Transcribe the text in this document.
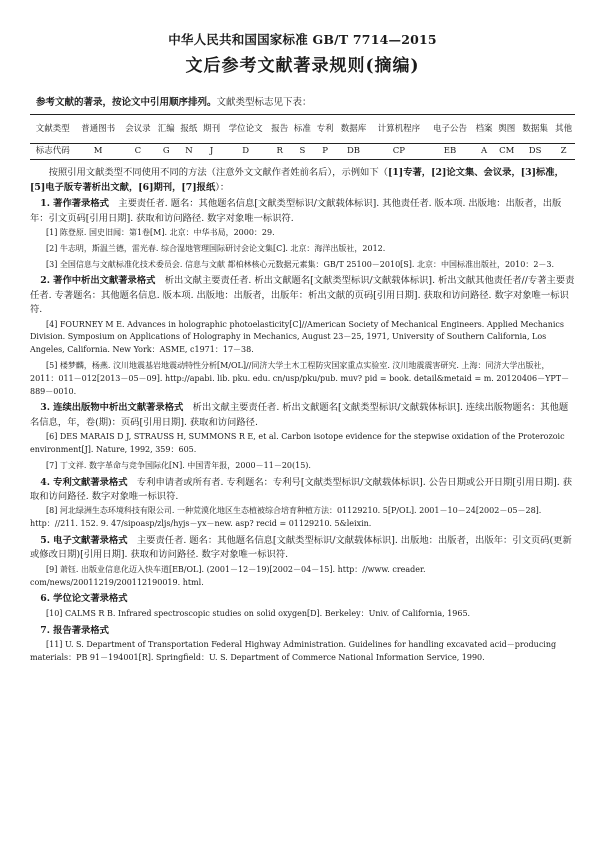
中华人民共和国国家标准 GB/T 7714—2015

文后参考文献著录规则(摘编)

参考文献的著录，按论文中引用顺序排列。文献类型标志见下表：

文献类型	普通图书	会议录	汇编	报纸	期刊	学位论文	报告	标准	专利	数据库	计算机程序	电子公告	档案	舆图	数据集	其他
标志代码	M	C	G	N	J	D	R	S	P	DB	CP	EB	A	CM	DS	Z

按照引用文献类型不同使用不同的方法（注意外文文献作者姓前名后），示例如下（[1]专著，[2]论文集、会议录，[3]标准，[5]电子版专著析出文献，[6]期刊，[7]报纸）：

1. 著作著录格式　 主要责任者. 题名：其他题名信息[文献类型标识/文献载体标识]. 其他责任者. 版本项. 出版地：出版者，出版年：引文页码[引用日期]. 获取和访问路径. 数字对象唯一标识符.

[1] 陈登原. 国史旧闻：第1卷[M]. 北京：中华书局，2000：29.

[2] 牛志明，斯温兰德，雷光春. 综合湿地管理国际研讨会论文集[C]. 北京：海洋出版社，2012.

[3] 全国信息与文献标准化技术委员会. 信息与文献 都柏林核心元数据元素集：GB/T 25100－2010[S]. 北京：中国标准出版社，2010：2－3.

2. 著作中析出文献著录格式　 析出文献主要责任者. 析出文献题名[文献类型标识/文献载体标识]. 析出文献其他责任者//专著主要责任者. 专著题名：其他题名信息. 版本项. 出版地：出版者，出版年：析出文献的页码[引用日期]. 获取和访问路径. 数字对象唯一标识符.

[4] FOURNEY M E. Advances in holographic photoelasticity[C]//American Society of Mechanical Engineers. Applied Mechanics Division. Symposium on Applications of Holography in Mechanics, August 23－25, 1971, University of Southern California, Los Angeles, California. New York：ASME, c1971：17－38.

[5] 楼梦麟，杨燕. 汶川地震基岩地震动特性分析[M/OL]//同济大学土木工程防灾国家重点实验室. 汶川地震震害研究. 上海：同济大学出版社，2011：011－012[2013－05－09]. http://apabi. lib. pku. edu. cn/usp/pku/pub. muv? pid = book. detail&metaid = m. 20120406－YPT－889－0010.

3. 连续出版物中析出文献著录格式　 析出文献主要责任者. 析出文献题名[文献类型标识/文献载体标识]. 连续出版物题名：其他题名信息，年，卷(期)：页码[引用日期]. 获取和访问路径.

[6] DES MARAIS D J, STRAUSS H, SUMMONS R E, et al. Carbon isotope evidence for the stepwise oxidation of the Proterozoic environment[J]. Nature, 1992, 359：605.

[7] 丁文祥. 数字革命与竞争国际化[N]. 中国青年报，2000－11－20(15).

4. 专利文献著录格式　 专利申请者或所有者. 专利题名：专利号[文献类型标识/文献载体标识]. 公告日期或公开日期[引用日期]. 获取和访问路径. 数字对象唯一标识符.

[8] 河北绿洲生态环境科技有限公司. 一种荒漠化地区生态植被综合培育种植方法：01129210. 5[P/OL]. 2001－10－24[2002－05－28]. http：//211. 152. 9. 47/sipoasp/zljs/hyjs－yx－new. asp? recid = 01129210. 5&leixin.

5. 电子文献著录格式　 主要责任者. 题名：其他题名信息[文献类型标识/文献载体标识]. 出版地：出版者，出版年：引文页码(更新或修改日期)[引用日期]. 获取和访问路径. 数字对象唯一标识符.

[9] 萧钰. 出版业信息化迈入快车道[EB/OL]. (2001－12－19)[2002－04－15]. http：//www. creader. com/news/20011219/200112190019. html.

6. 学位论文著录格式

[10] CALMS R B. Infrared spectroscopic studies on solid oxygen[D]. Berkeley：Univ. of California, 1965.

7. 报告著录格式

[11] U. S. Department of Transportation Federal Highway Administration. Guidelines for handling excavated acid－producing materials：PB 91－194001[R]. Springfield：U. S. Department of Commerce National Information Service, 1990.
